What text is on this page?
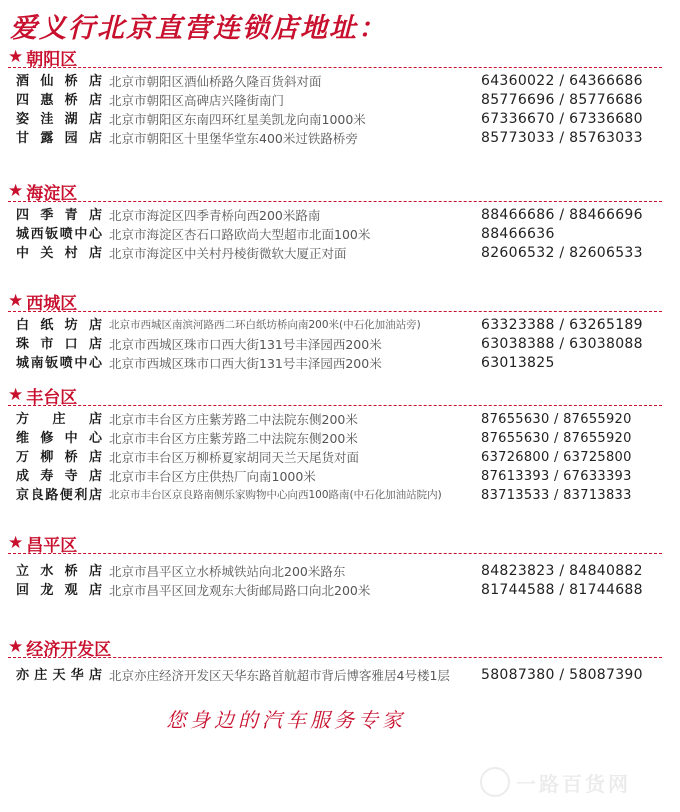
爱义行北京直营连锁店地址：
★ 朝阳区
酒仙桥店 北京市朝阳区酒仙桥路久隆百货斜对面	64360022 / 64366686
四惠桥店 北京市朝阳区高碑店兴隆街南门	85776696 / 85776686
姿洼湖店 北京市朝阳区东南四环红星美凯龙向南1000米	67336670 / 67336680
甘露园店 北京市朝阳区十里堡华堂东400米过铁路桥旁	85773033 / 85763033
★ 海淀区
四季青店 北京市海淀区四季青桥向西200米路南	88466686 / 88466696
城西钣喷中心 北京市海淀区杏石口路欧尚大型超市北面100米	88466636
中关村店 北京市海淀区中关村丹棱街微软大厦正对面	82606532 / 82606533
★ 西城区
白纸坊店 北京市西城区南滨河路西二环白纸坊桥向南200米(中石化加油站旁)	63323388 / 63265189
珠市口店 北京市西城区珠市口西大街131号丰泽园西200米	63038388 / 63038088
城南钣喷中心 北京市西城区珠市口西大街131号丰泽园西200米	63013825
★ 丰台区
方庄店 北京市丰台区方庄紫芳路二中法院东侧200米	87655630 / 87655920
维修中心 北京市丰台区方庄紫芳路二中法院东侧200米	87655630 / 87655920
万柳桥店 北京市丰台区万柳桥夏家胡同天兰天尾货对面	63726800 / 63725800
成寿寺店 北京市丰台区方庄供热厂向南1000米	87613393 / 67633393
京良路便利店 北京市丰台区京良路南侧乐家购物中心向西100路南(中石化加油站院内)	83713533 / 83713833
★ 昌平区
立水桥店 北京市昌平区立水桥城铁站向北200米路东	84823823 / 84840882
回龙观店 北京市昌平区回龙观东大街邮局路口向北200米	81744588 / 81744688
★ 经济开发区
亦庄天华店 北京亦庄经济开发区天华东路首航超市背后博客雅居4号楼1层 58087380 / 58087390
您身边的汽车服务专家
一路百货网
